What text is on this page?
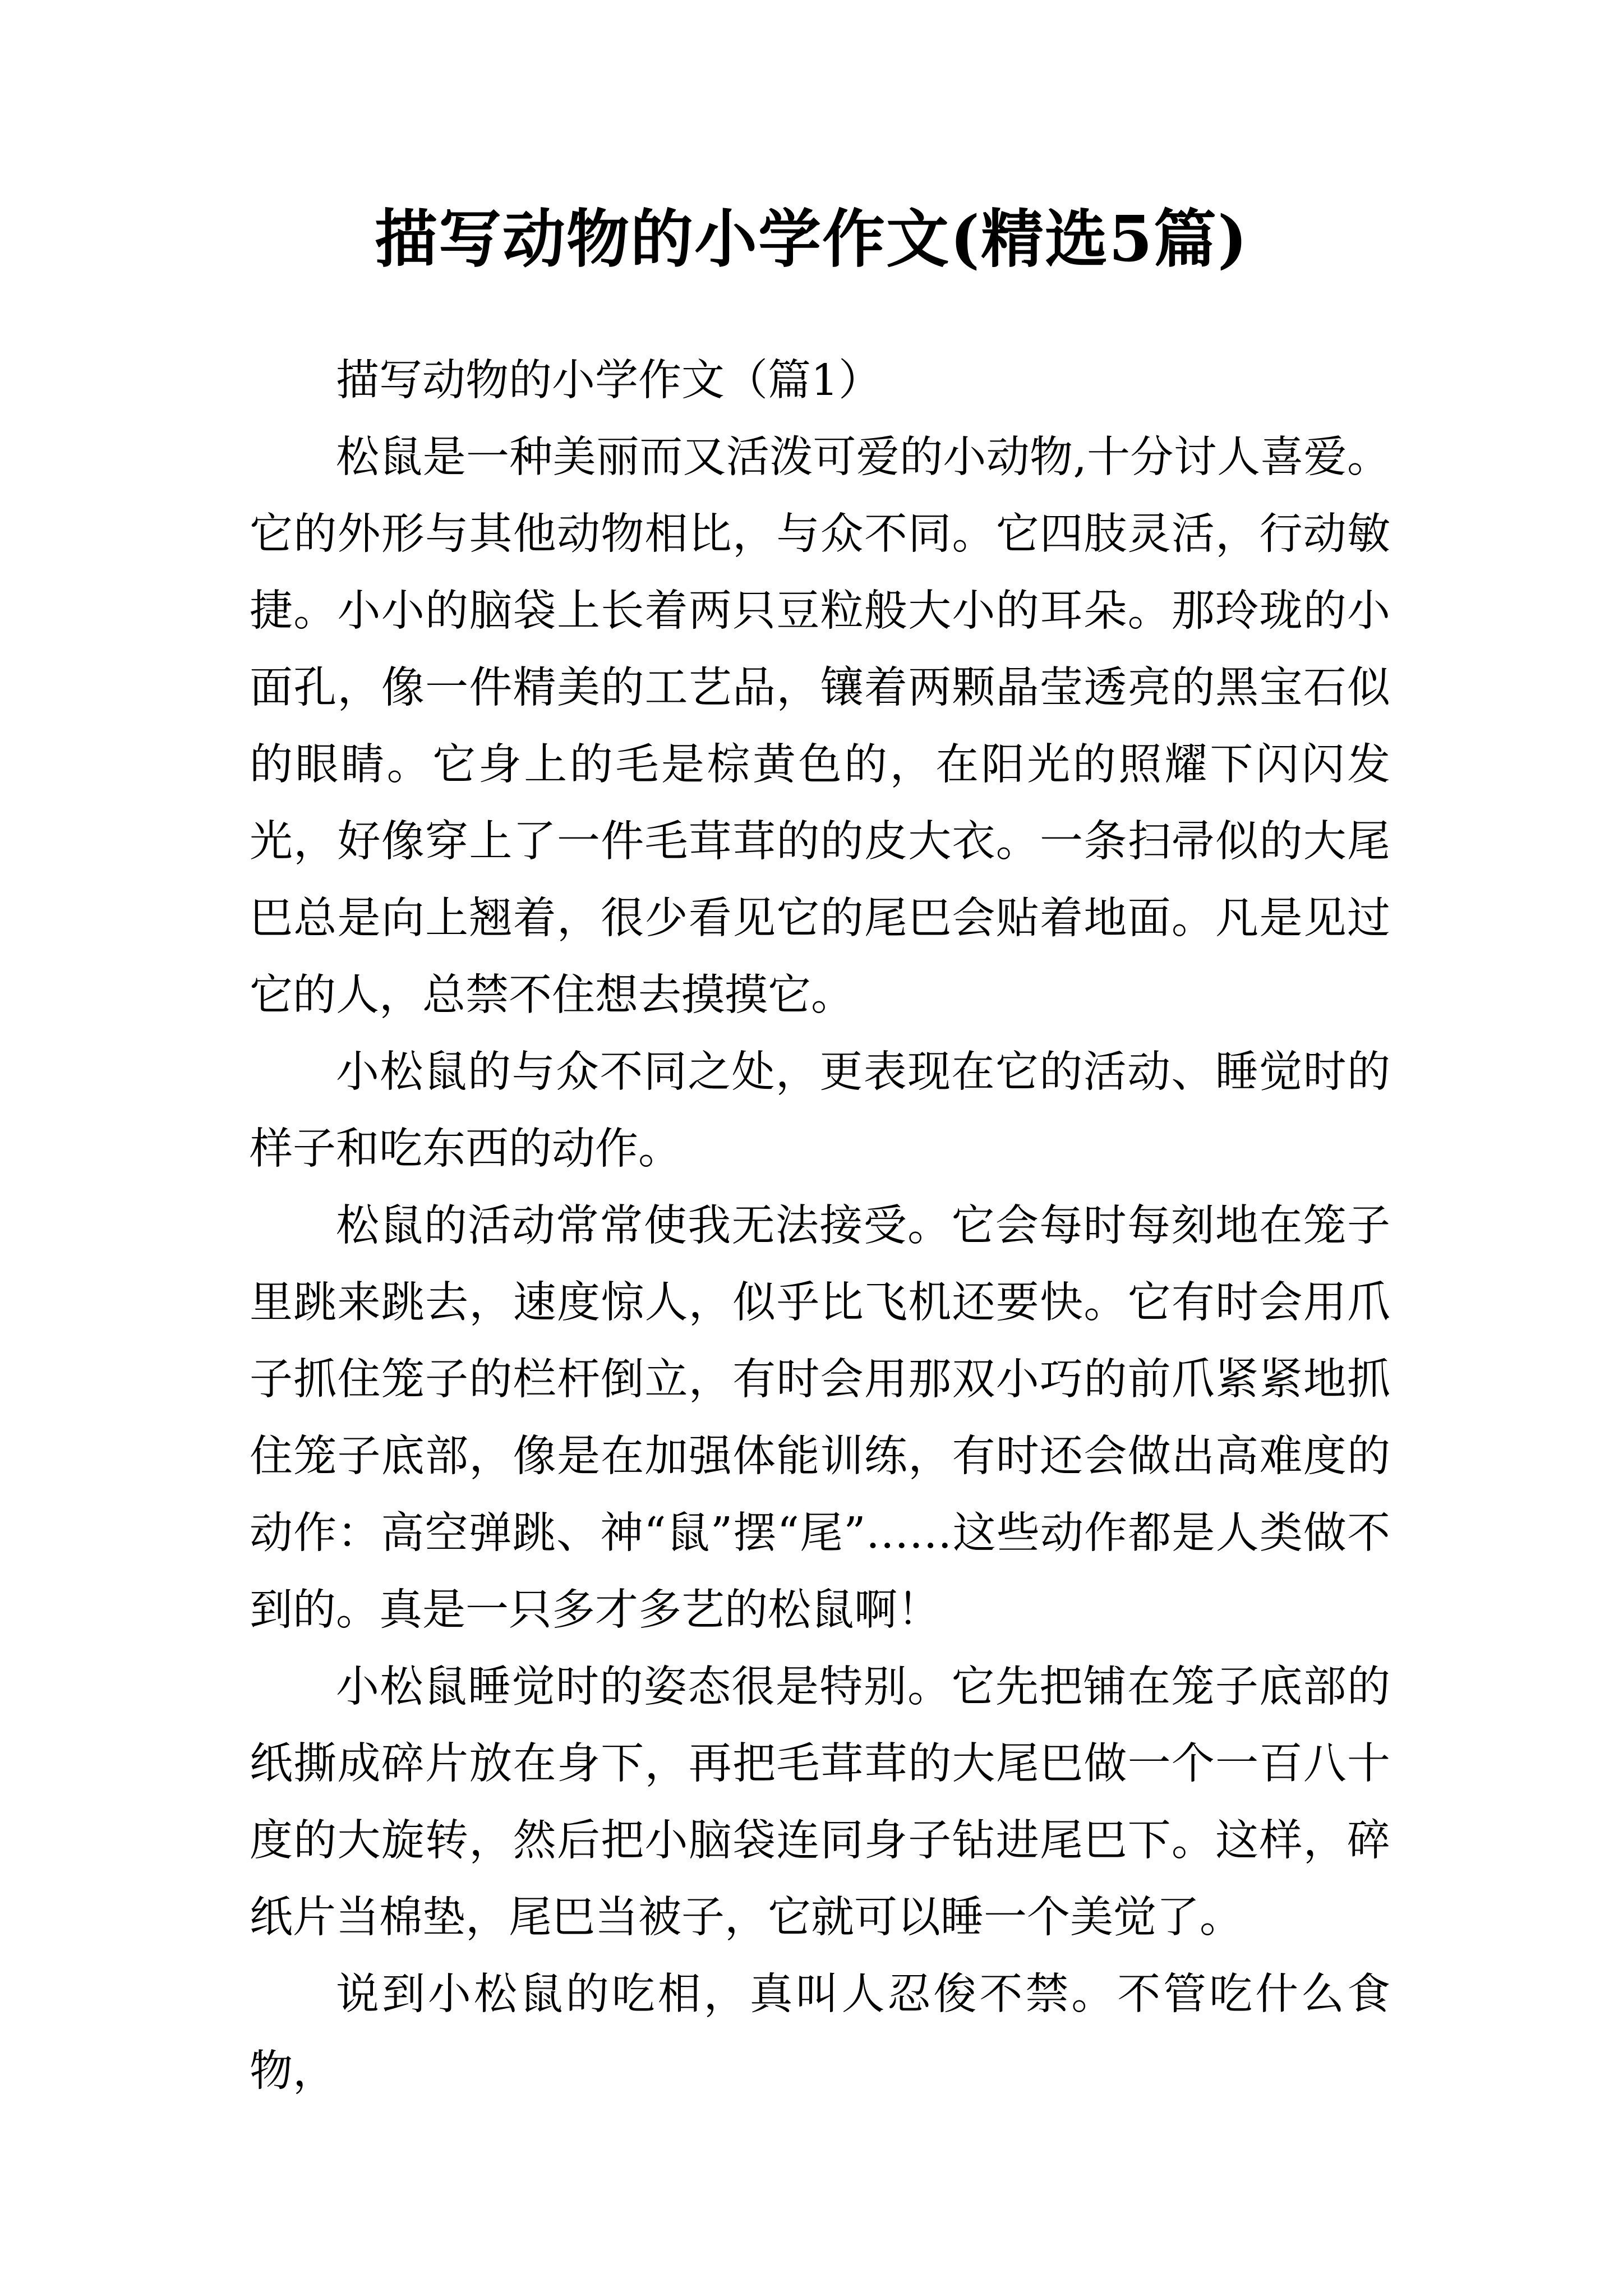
描写动物的小学作文(精选5篇)

描写动物的小学作文（篇1）

松鼠是一种美丽而又活泼可爱的小动物,十分讨人喜爱。它的外形与其他动物相比，与众不同。它四肢灵活，行动敏捷。小小的脑袋上长着两只豆粒般大小的耳朵。那玲珑的小面孔，像一件精美的工艺品，镶着两颗晶莹透亮的黑宝石似的眼睛。它身上的毛是棕黄色的，在阳光的照耀下闪闪发光，好像穿上了一件毛茸茸的的皮大衣。一条扫帚似的大尾巴总是向上翘着，很少看见它的尾巴会贴着地面。凡是见过它的人，总禁不住想去摸摸它。

小松鼠的与众不同之处，更表现在它的活动、睡觉时的样子和吃东西的动作。

松鼠的活动常常使我无法接受。它会每时每刻地在笼子里跳来跳去，速度惊人，似乎比飞机还要快。它有时会用爪子抓住笼子的栏杆倒立，有时会用那双小巧的前爪紧紧地抓住笼子底部，像是在加强体能训练，有时还会做出高难度的动作：高空弹跳、神“鼠”摆“尾”……这些动作都是人类做不到的。真是一只多才多艺的松鼠啊！

小松鼠睡觉时的姿态很是特别。它先把铺在笼子底部的纸撕成碎片放在身下，再把毛茸茸的大尾巴做一个一百八十度的大旋转，然后把小脑袋连同身子钻进尾巴下。这样，碎纸片当棉垫，尾巴当被子，它就可以睡一个美觉了。

说到小松鼠的吃相，真叫人忍俊不禁。不管吃什么食物，
